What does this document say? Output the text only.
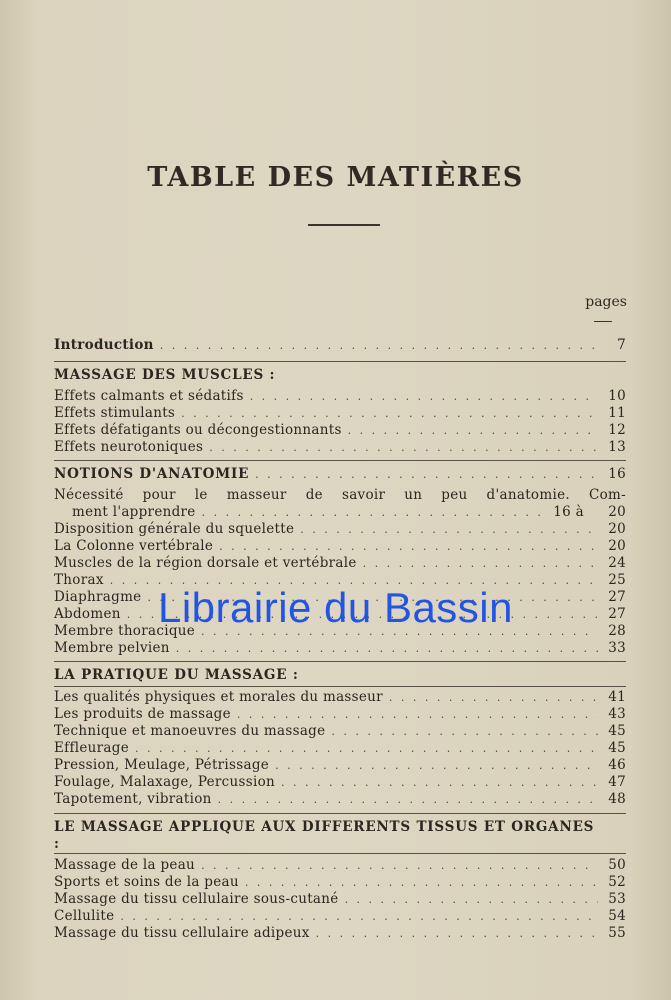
TABLE DES MATIÈRES
pages
Introduction . . .	7
MASSAGE DES MUSCLES :
Effets calmants et sédatifs . . .	10
Effets stimulants . . .	11
Effets défatigants ou décongestionnants . . .	12
Effets neurotoniques . . .	13
NOTIONS D'ANATOMIE . . .	16
Nécessité pour le masseur de savoir un peu d'anatomie. Com-
ment l'apprendre . . .	16 à	20
Disposition générale du squelette . . .	20
La Colonne vertébrale . . .	20
Muscles de la région dorsale et vertébrale . . .	24
Thorax . . .	25
Diaphragme . . .	27
Abdomen . . .	27
Membre thoracique . . .	28
Membre pelvien . . .	33
LA PRATIQUE DU MASSAGE :
Les qualités physiques et morales du masseur . . .	41
Les produits de massage . . .	43
Technique et manoeuvres du massage . . .	45
Effleurage . . .	45
Pression, Meulage, Pétrissage . . .	46
Foulage, Malaxage, Percussion . . .	47
Tapotement, vibration . . .	48
LE MASSAGE APPLIQUE AUX DIFFERENTS TISSUS ET ORGANES :
Massage de la peau . . .	50
Sports et soins de la peau . . .	52
Massage du tissu cellulaire sous-cutané . . .	53
Cellulite . . .	54
Massage du tissu cellulaire adipeux . . .	55
Librairie du Bassin
